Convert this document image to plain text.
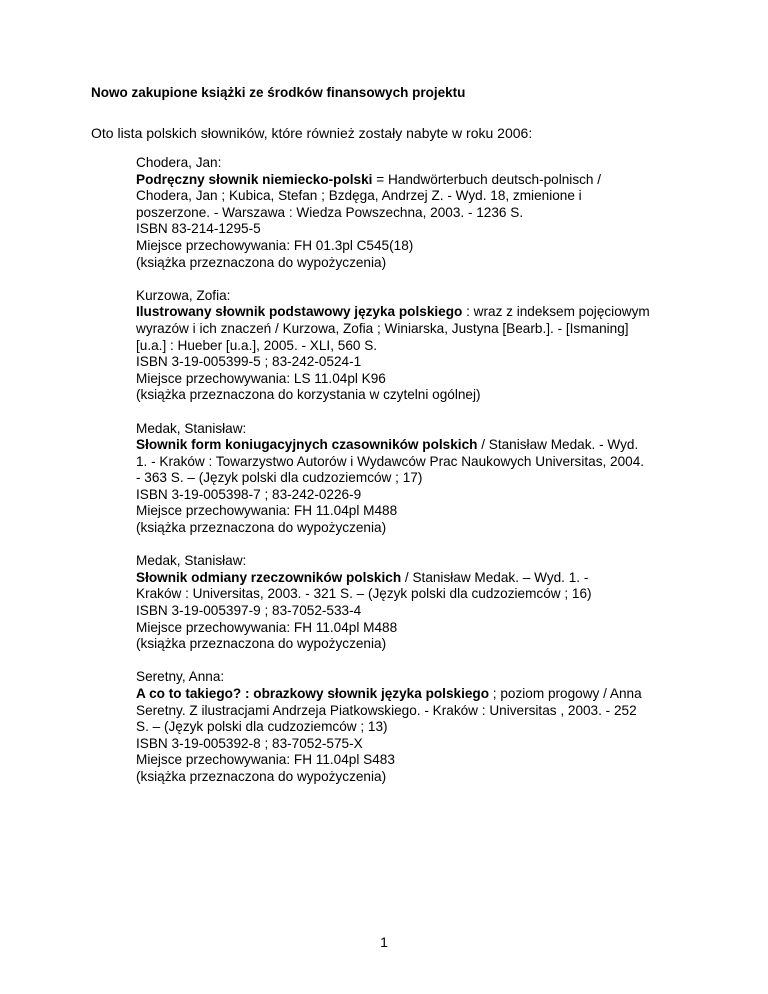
Nowo zakupione książki ze środków finansowych projektu
Oto lista polskich słowników, które również zostały nabyte w roku 2006:
Chodera, Jan:
Podręczny słownik niemiecko-polski = Handwörterbuch deutsch-polnisch /
Chodera, Jan ; Kubica, Stefan ; Bzdęga, Andrzej Z. - Wyd. 18, zmienione i
poszerzone. - Warszawa : Wiedza Powszechna, 2003. - 1236 S.
ISBN 83-214-1295-5
Miejsce przechowywania: FH 01.3pl C545(18)
(książka przeznaczona do wypożyczenia)
Kurzowa, Zofia:
Ilustrowany słownik podstawowy języka polskiego : wraz z indeksem pojęciowym
wyrazów i ich znaczeń / Kurzowa, Zofia ; Winiarska, Justyna [Bearb.]. - [Ismaning]
[u.a.] : Hueber [u.a.], 2005. - XLI, 560 S.
ISBN 3-19-005399-5 ; 83-242-0524-1
Miejsce przechowywania: LS 11.04pl K96
(książka przeznaczona do korzystania w czytelni ogólnej)
Medak, Stanisław:
Słownik form koniugacyjnych czasowników polskich / Stanisław Medak. - Wyd.
1. - Kraków : Towarzystwo Autorów i Wydawców Prac Naukowych Universitas, 2004.
- 363 S. – (Język polski dla cudzoziemców ; 17)
ISBN 3-19-005398-7 ; 83-242-0226-9
Miejsce przechowywania: FH 11.04pl M488
(książka przeznaczona do wypożyczenia)
Medak, Stanisław:
Słownik odmiany rzeczowników polskich / Stanisław Medak. – Wyd. 1. -
Kraków : Universitas, 2003. - 321 S. – (Język polski dla cudzoziemców ; 16)
ISBN 3-19-005397-9 ; 83-7052-533-4
Miejsce przechowywania: FH 11.04pl M488
(książka przeznaczona do wypożyczenia)
Seretny, Anna:
A co to takiego? : obrazkowy słownik języka polskiego ; poziom progowy / Anna
Seretny. Z ilustracjami Andrzeja Piatkowskiego. - Kraków : Universitas , 2003. - 252
S. – (Język polski dla cudzoziemców ; 13)
ISBN 3-19-005392-8 ; 83-7052-575-X
Miejsce przechowywania: FH 11.04pl S483
(książka przeznaczona do wypożyczenia)
1
